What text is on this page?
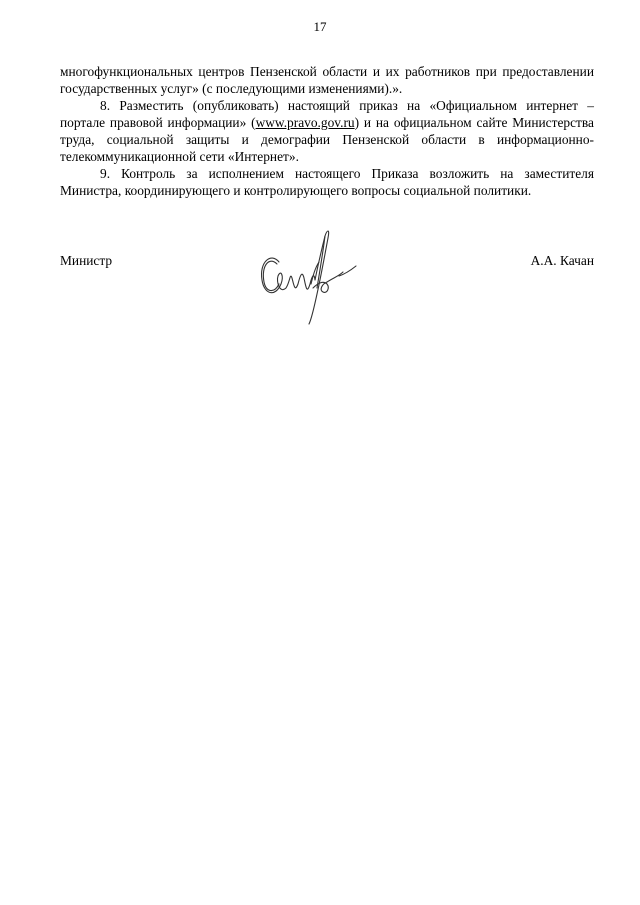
17

многофункциональных центров Пензенской области и их работников при предоставлении государственных услуг» (с последующими изменениями).».

8. Разместить (опубликовать) настоящий приказ на «Официальном интернет – портале правовой информации» (www.pravo.gov.ru) и на официальном сайте Министерства труда, социальной защиты и демографии Пензенской области в информационно-телекоммуникационной сети «Интернет».

9. Контроль за исполнением настоящего Приказа возложить на заместителя Министра, координирующего и контролирующего вопросы социальной политики.

Министр	А.А. Качан
